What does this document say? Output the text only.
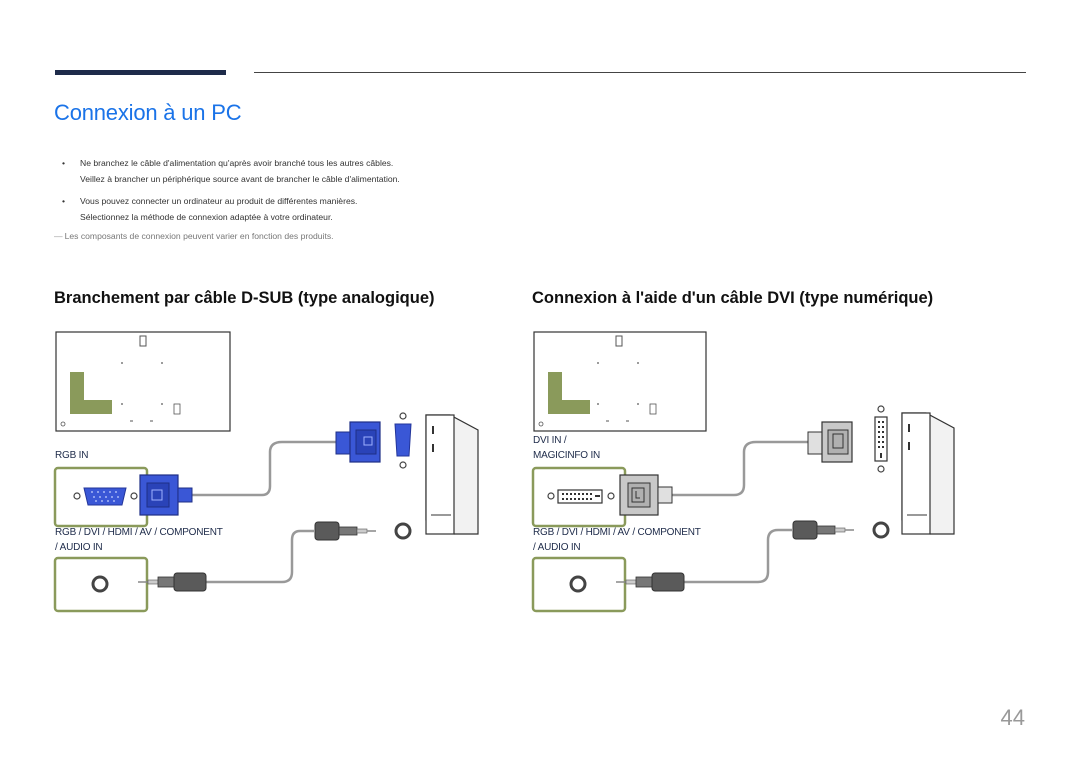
Connexion à un PC
• Ne branchez le câble d'alimentation qu'après avoir branché tous les autres câbles.
Veillez à brancher un périphérique source avant de brancher le câble d'alimentation.
• Vous pouvez connecter un ordinateur au produit de différentes manières.
Sélectionnez la méthode de connexion adaptée à votre ordinateur.
― Les composants de connexion peuvent varier en fonction des produits.
Branchement par câble D-SUB (type analogique)	Connexion à l'aide d'un câble DVI (type numérique)
RGB IN
RGB / DVI / HDMI / AV / COMPONENT
/ AUDIO IN
DVI IN /
MAGICINFO IN
RGB / DVI / HDMI / AV / COMPONENT
/ AUDIO IN
44
